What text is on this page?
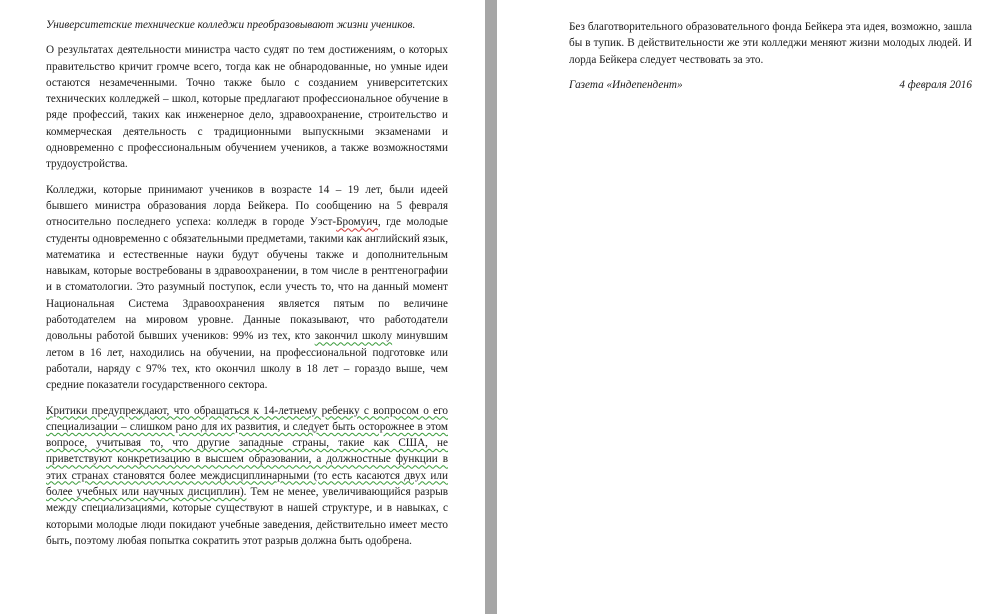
Университетские технические колледжи преобразовывают жизни учеников.

О результатах деятельности министра часто судят по тем достижениям, о которых правительство кричит громче всего, тогда как не обнародованные, но умные идеи остаются незамеченными. Точно также было с созданием университетских технических колледжей – школ, которые предлагают профессиональное обучение в ряде профессий, таких как инженерное дело, здравоохранение, строительство и коммерческая деятельность с традиционными выпускными экзаменами и одновременно с профессиональным обучением учеников, а также возможностями трудоустройства.

Колледжи, которые принимают учеников в возрасте 14 – 19 лет, были идеей бывшего министра образования лорда Бейкера. По сообщению на 5 февраля относительно последнего успеха: колледж в городе Уэст-Бромуич, где молодые студенты одновременно с обязательными предметами, такими как английский язык, математика и естественные науки будут обучены также и дополнительным навыкам, которые востребованы в здравоохранении, в том числе в рентгенографии и в стоматологии. Это разумный поступок, если учесть то, что на данный момент Национальная Система Здравоохранения является пятым по величине работодателем на мировом уровне. Данные показывают, что работодатели довольны работой бывших учеников: 99% из тех, кто закончил школу минувшим летом в 16 лет, находились на обучении, на профессиональной подготовке или работали, наряду с 97% тех, кто окончил школу в 18 лет – гораздо выше, чем средние показатели государственного сектора.

Критики предупреждают, что обращаться к 14-летнему ребенку с вопросом о его специализации – слишком рано для их развития, и следует быть осторожнее в этом вопросе, учитывая то, что другие западные страны, такие как США, не приветствуют конкретизацию в высшем образовании, а должностные функции в этих странах становятся более междисциплинарными (то есть касаются двух или более учебных или научных дисциплин). Тем не менее, увеличивающийся разрыв между специализациями, которые существуют в нашей структуре, и в навыках, с которыми молодые люди покидают учебные заведения, действительно имеет место быть, поэтому любая попытка сократить этот разрыв должна быть одобрена.

Без благотворительного образовательного фонда Бейкера эта идея, возможно, зашла бы в тупик. В действительности же эти колледжи меняют жизни молодых людей. И лорда Бейкера следует чествовать за это.

Газета «Индепендент»	4 февраля 2016
